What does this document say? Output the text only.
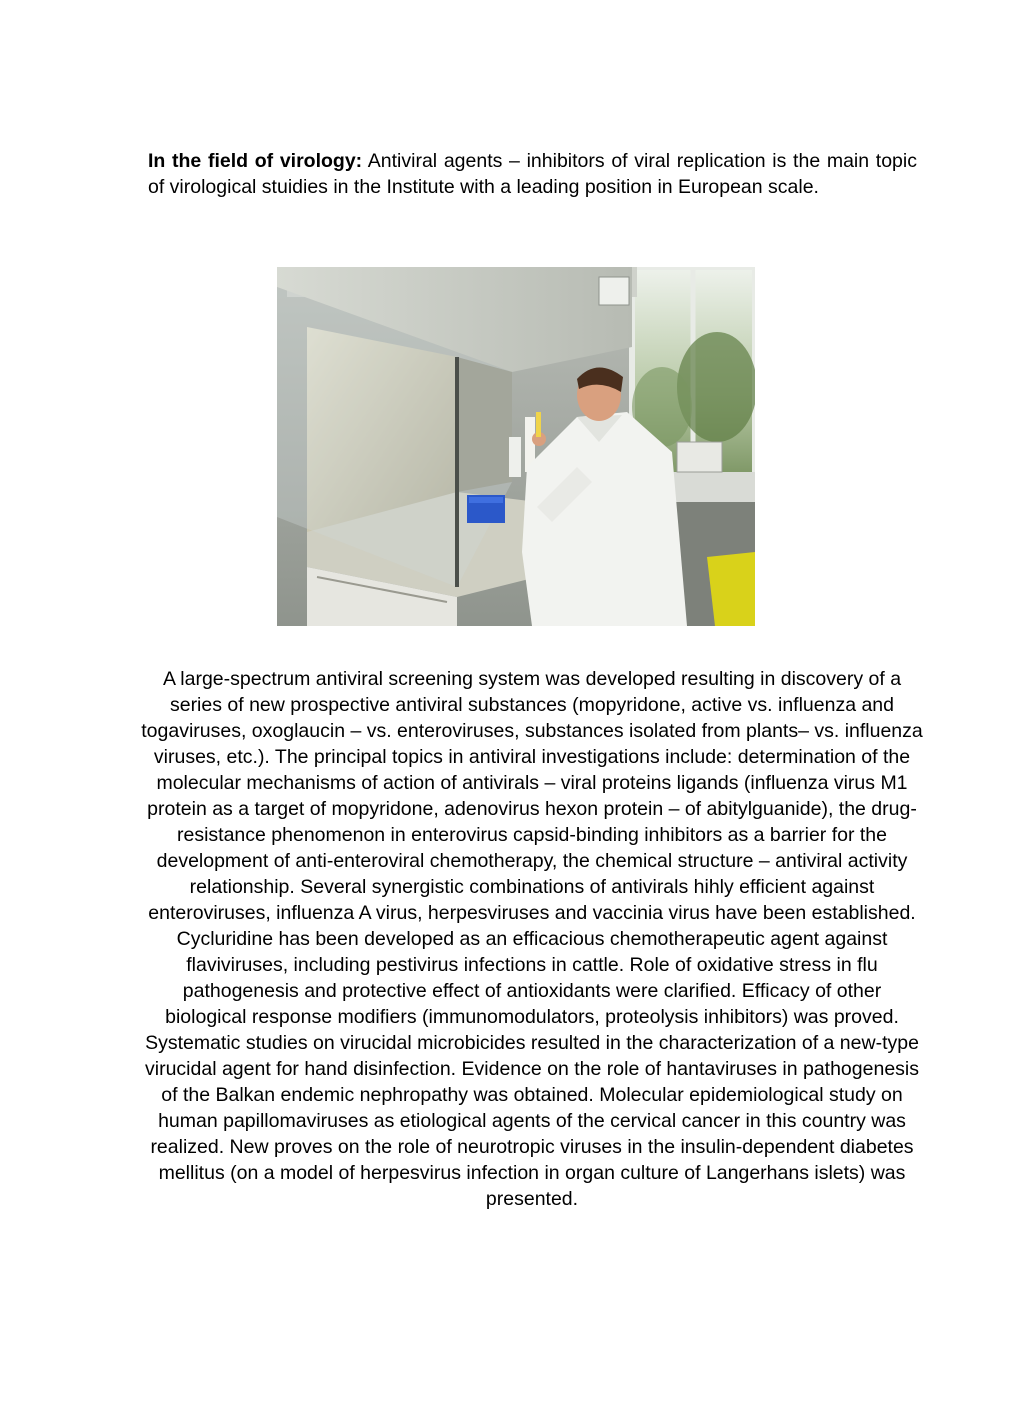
In the field of virology: Antiviral agents – inhibitors of viral replication is the main topic of virological stuidies in the Institute with a leading position in European scale.

A large-spectrum antiviral screening system was developed resulting in discovery of a series of new prospective antiviral substances (mopyridone, active vs. influenza and togaviruses, oxoglaucin – vs. enteroviruses, substances isolated from plants– vs. influenza viruses, etc.). The principal topics in antiviral investigations include: determination of the molecular mechanisms of action of antivirals – viral proteins ligands (influenza virus M1 protein as a target of mopyridone, adenovirus hexon protein – of abitylguanide), the drug-resistance phenomenon in enterovirus capsid-binding inhibitors as a barrier for the development of anti-enteroviral chemotherapy, the chemical structure – antiviral activity relationship. Several synergistic combinations of antivirals hihly efficient against enteroviruses, influenza A virus, herpesviruses and vaccinia virus have been established. Cycluridine has been developed as an efficacious chemotherapeutic agent against flaviviruses, including pestivirus infections in cattle. Role of oxidative stress in flu pathogenesis and protective effect of antioxidants were clarified. Efficacy of other biological response modifiers (immunomodulators, proteolysis inhibitors) was proved. Systematic studies on virucidal microbicides resulted in the characterization of a new-type virucidal agent for hand disinfection. Evidence on the role of hantaviruses in pathogenesis of the Balkan endemic nephropathy was obtained. Molecular epidemiological study on human papillomaviruses as etiological agents of the cervical cancer in this country was realized. New proves on the role of neurotropic viruses in the insulin-dependent diabetes mellitus (on a model of herpesvirus infection in organ culture of Langerhans islets) was presented.
